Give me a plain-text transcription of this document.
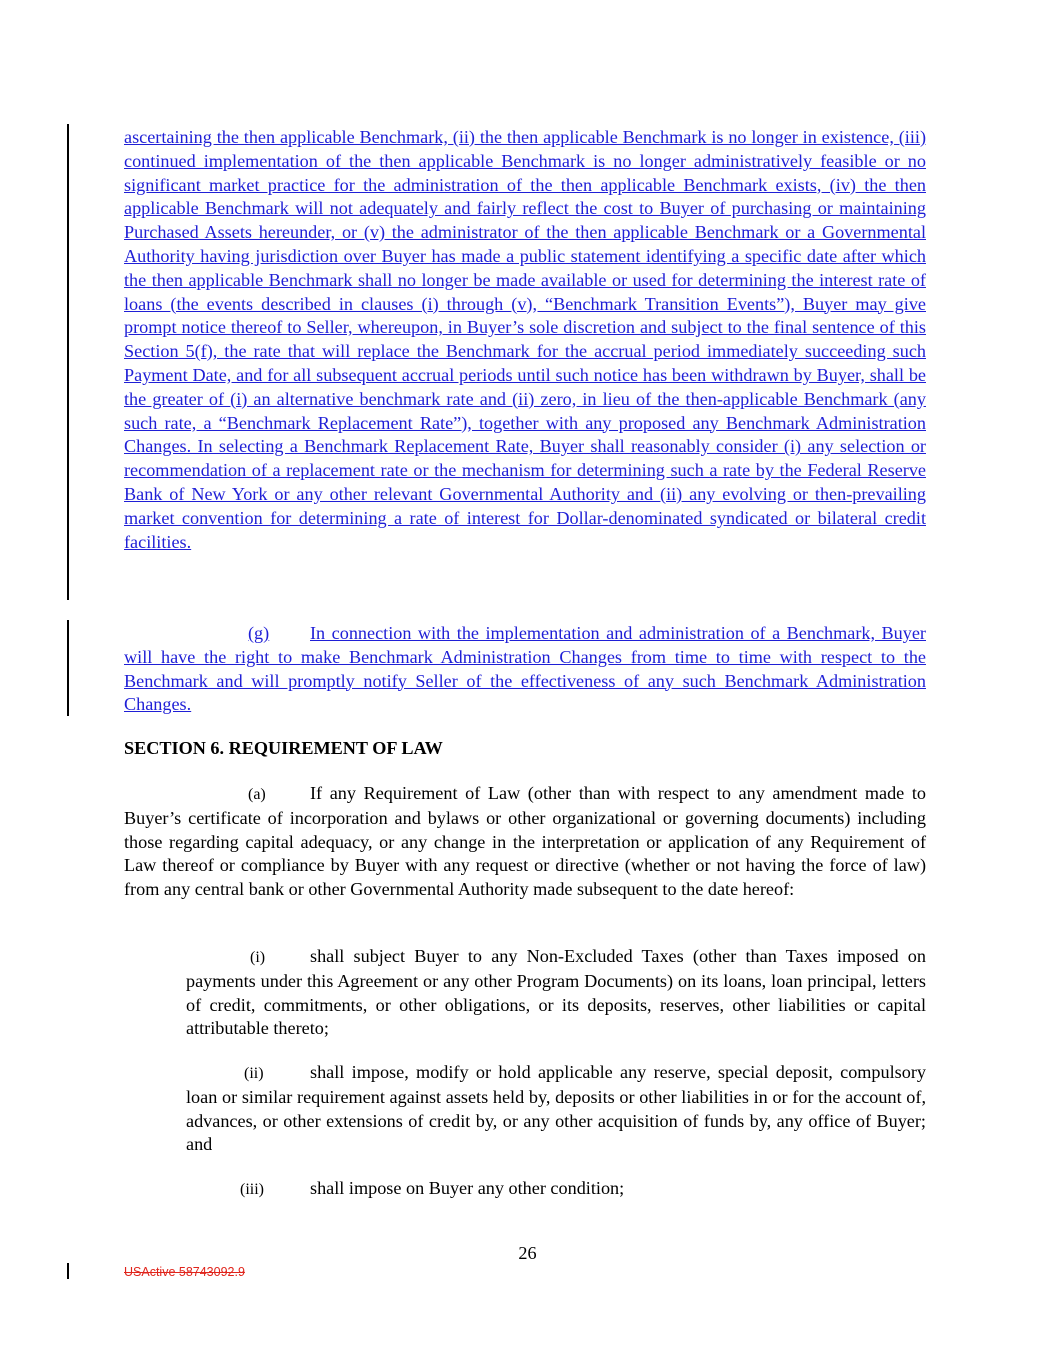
ascertaining the then applicable Benchmark, (ii) the then applicable Benchmark is no longer in existence, (iii) continued implementation of the then applicable Benchmark is no longer administratively feasible or no significant market practice for the administration of the then applicable Benchmark exists, (iv) the then applicable Benchmark will not adequately and fairly reflect the cost to Buyer of purchasing or maintaining Purchased Assets hereunder, or (v) the administrator of the then applicable Benchmark or a Governmental Authority having jurisdiction over Buyer has made a public statement identifying a specific date after which the then applicable Benchmark shall no longer be made available or used for determining the interest rate of loans (the events described in clauses (i) through (v), “Benchmark Transition Events”), Buyer may give prompt notice thereof to Seller, whereupon, in Buyer’s sole discretion and subject to the final sentence of this Section 5(f), the rate that will replace the Benchmark for the accrual period immediately succeeding such Payment Date, and for all subsequent accrual periods until such notice has been withdrawn by Buyer, shall be the greater of (i) an alternative benchmark rate and (ii) zero, in lieu of the then-applicable Benchmark (any such rate, a “Benchmark Replacement Rate”), together with any proposed any Benchmark Administration Changes. In selecting a Benchmark Replacement Rate, Buyer shall reasonably consider (i) any selection or recommendation of a replacement rate or the mechanism for determining such a rate by the Federal Reserve Bank of New York or any other relevant Governmental Authority and (ii) any evolving or then-prevailing market convention for determining a rate of interest for Dollar-denominated syndicated or bilateral credit facilities.

(g) In connection with the implementation and administration of a Benchmark, Buyer will have the right to make Benchmark Administration Changes from time to time with respect to the Benchmark and will promptly notify Seller of the effectiveness of any such Benchmark Administration Changes.

SECTION 6. REQUIREMENT OF LAW

(a) If any Requirement of Law (other than with respect to any amendment made to Buyer’s certificate of incorporation and bylaws or other organizational or governing documents) including those regarding capital adequacy, or any change in the interpretation or application of any Requirement of Law thereof or compliance by Buyer with any request or directive (whether or not having the force of law) from any central bank or other Governmental Authority made subsequent to the date hereof:

(i) shall subject Buyer to any Non-Excluded Taxes (other than Taxes imposed on payments under this Agreement or any other Program Documents) on its loans, loan principal, letters of credit, commitments, or other obligations, or its deposits, reserves, other liabilities or capital attributable thereto;

(ii)	shall impose, modify or hold applicable any reserve, special deposit, compulsory loan or similar requirement against assets held by, deposits or other liabilities in or for the account of, advances, or other extensions of credit by, or any other acquisition of funds by, any office of Buyer; and

(iii)	shall impose on Buyer any other condition;

26
USActive 58743092.9
